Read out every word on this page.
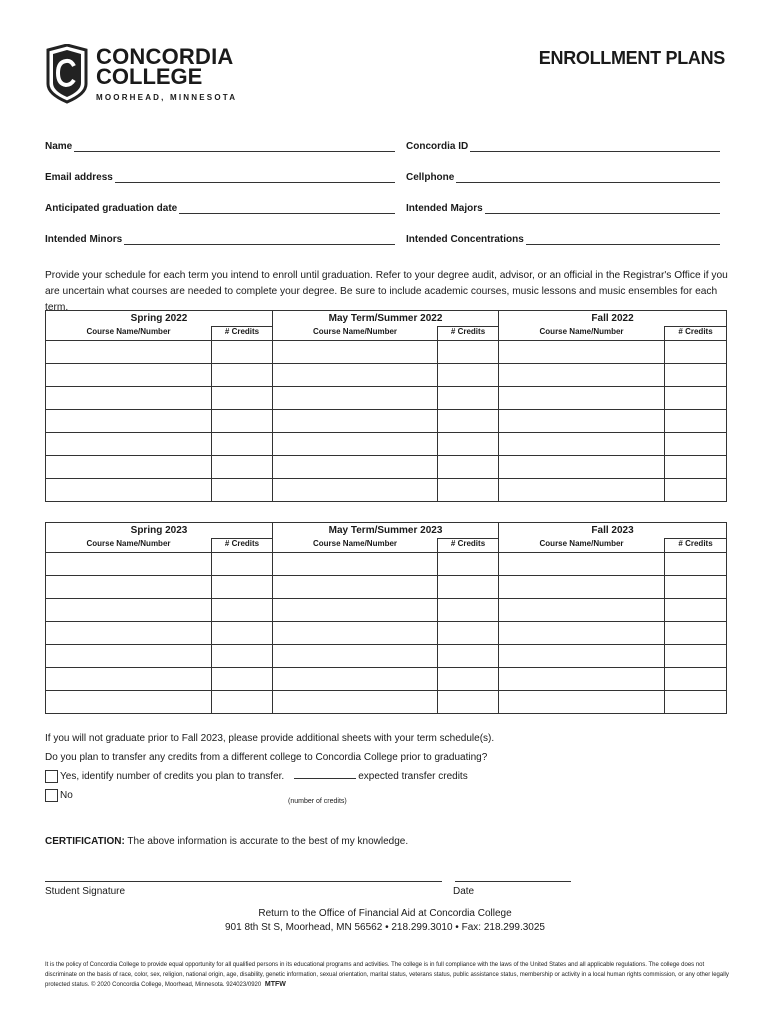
CONCORDIA
COLLEGE
MOORHEAD, MINNESOTA
ENROLLMENT PLANS
Name	Concordia ID
Email address	Cellphone
Anticipated graduation date	Intended Majors
Intended Minors	Intended Concentrations
Provide your schedule for each term you intend to enroll until graduation. Refer to your degree audit, advisor, or an official in the Registrar's Office if you are uncertain what courses are needed to complete your degree. Be sure to include academic courses, music lessons and music ensembles for each term.
Spring 2022		May Term/Summer 2022		Fall 2022	
Course Name/Number	# Credits	Course Name/Number	# Credits	Course Name/Number	# Credits

Spring 2023		May Term/Summer 2023		Fall 2023	
Course Name/Number	# Credits	Course Name/Number	# Credits	Course Name/Number	# Credits

If you will not graduate prior to Fall 2023, please provide additional sheets with your term schedule(s).
Do you plan to transfer any credits from a different college to Concordia College prior to graduating?
Yes, identify number of credits you plan to transfer.	expected transfer credits
No
(number of credits)
CERTIFICATION: The above information is accurate to the best of my knowledge.
Student Signature	Date
Return to the Office of Financial Aid at Concordia College
901 8th St S, Moorhead, MN 56562 • 218.299.3010 • Fax: 218.299.3025
It is the policy of Concordia College to provide equal opportunity for all qualified persons in its educational programs and activities. The college is in full compliance with the laws of the United States and all applicable regulations. The college does not discriminate on the basis of race, color, sex, religion, national origin, age, disability, genetic information, sexual orientation, marital status, veterans status, public assistance status, membership or activity in a local human rights commission, or any other legally protected status. © 2020 Concordia College, Moorhead, Minnesota. 924023/0920 MTFW
